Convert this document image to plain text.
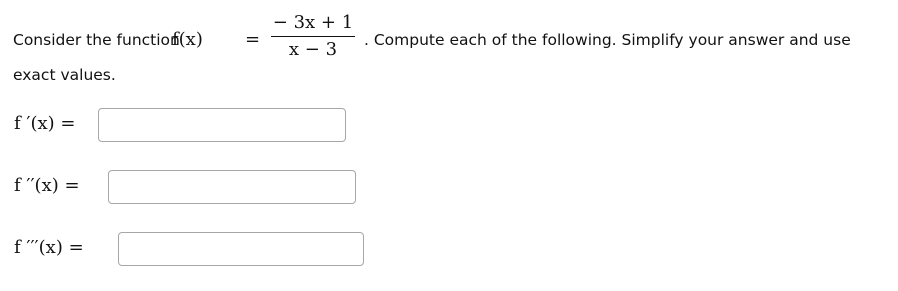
Consider the function
f(x) =
− 3x + 1
x − 3	. Compute each of the following. Simplify your answer and use
exact values.
f ′(x) =
f ′′(x) =
f ′′′(x) =
